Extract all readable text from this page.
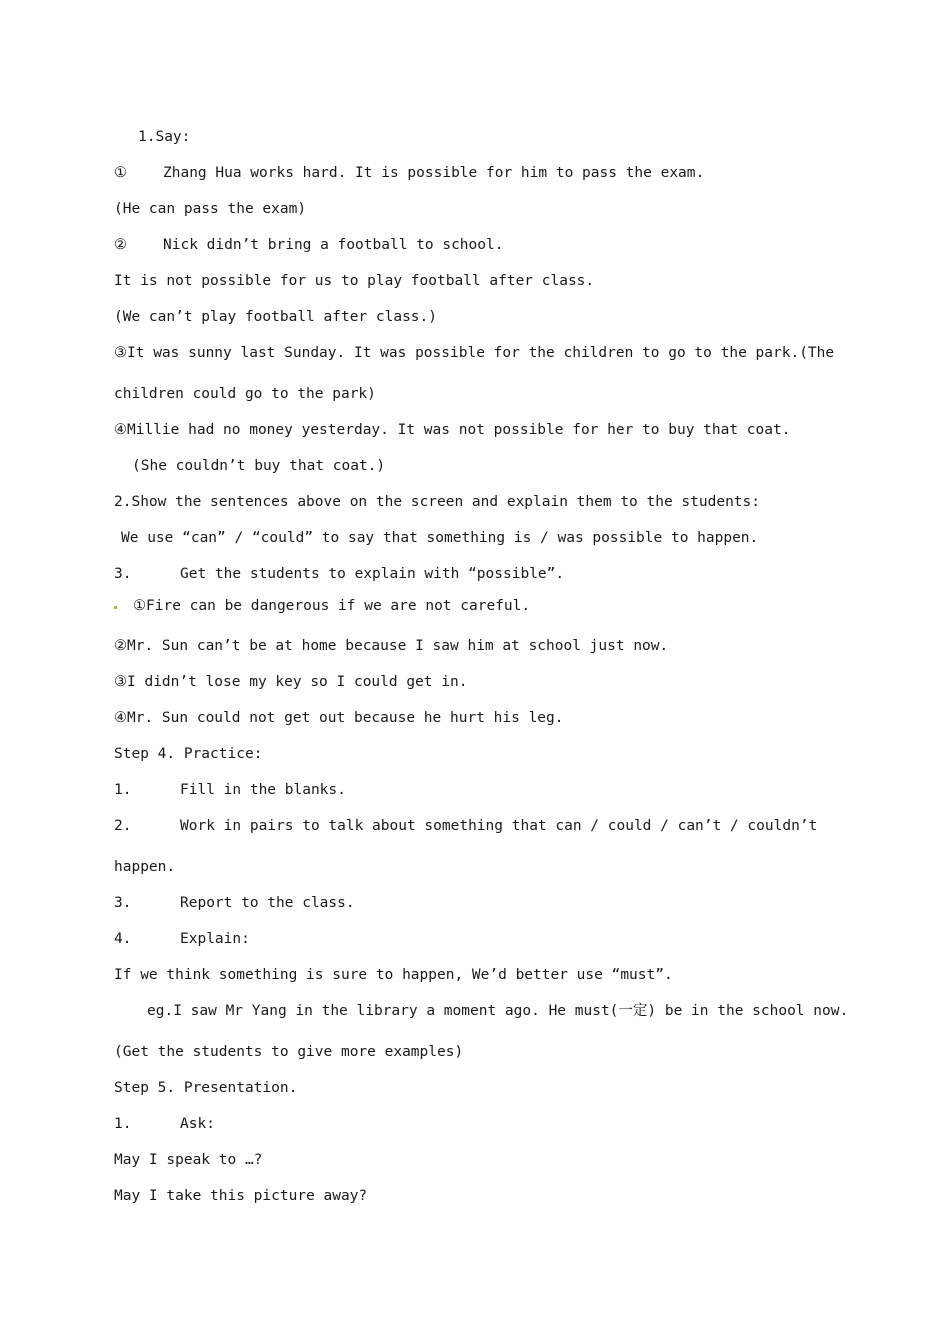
1.Say:
① Zhang Hua works hard. It is possible for him to pass the exam.
(He can pass the exam)
② Nick didn’t bring a football to school.
It is not possible for us to play football after class.
(We can’t play football after class.)
③It was sunny last Sunday. It was possible for the children to go to the park.(The
children could go to the park)
④Millie had no money yesterday. It was not possible for her to buy that coat.
(She couldn’t buy that coat.)
2.Show the sentences above on the screen and explain them to the students:
We use “can” / “could” to say that something is / was possible to happen.
3.	Get the students to explain with “possible”.
①Fire can be dangerous if we are not careful.
②Mr. Sun can’t be at home because I saw him at school just now.
③I didn’t lose my key so I could get in.
④Mr. Sun could not get out because he hurt his leg.
Step 4. Practice:
1.	Fill in the blanks.
2.	Work in pairs to talk about something that can / could / can’t / couldn’t
happen.
3.	Report to the class.
4.	Explain:
If we think something is sure to happen, We’d better use “must”.
eg.I saw Mr Yang in the library a moment ago. He must(一定) be in the school now.
(Get the students to give more examples)
Step 5. Presentation.
1.	Ask:
May I speak to …?
May I take this picture away?
